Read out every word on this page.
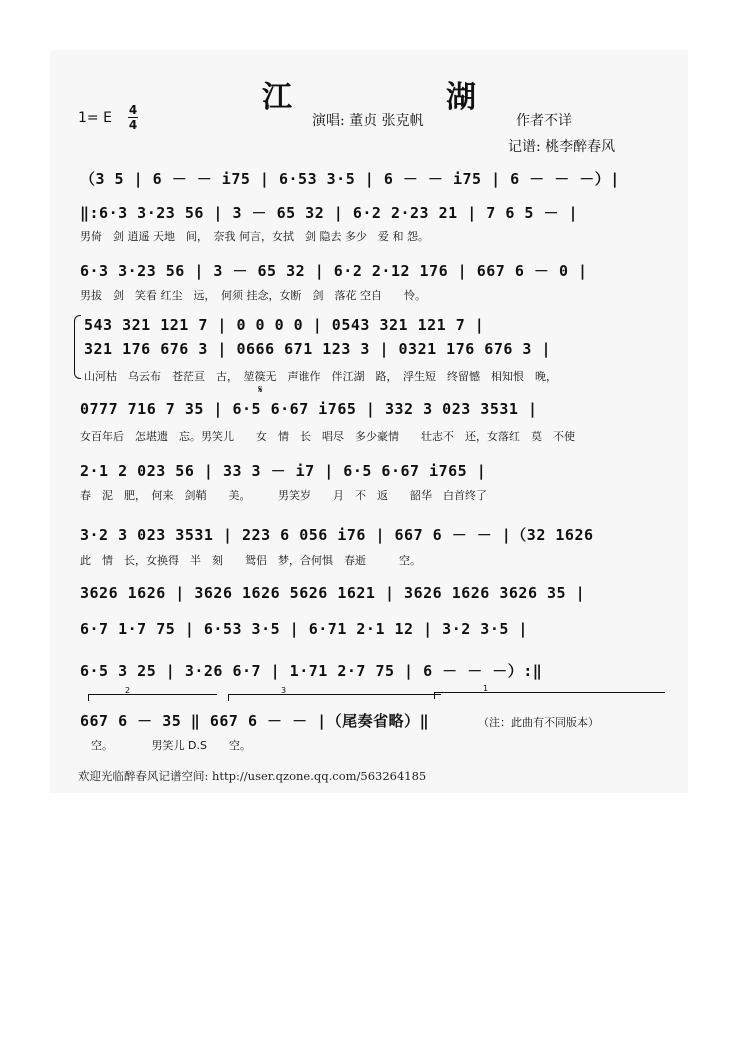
江　湖
1= E 4
4	演唱: 董贞 张克帆	作者不详
记谱: 桃李醉春风
𝄋
（3 5 | 6 － － i75 | 6·53 3·5 | 6 － － i75 | 6 － － －）|
‖:6·3 3·23 56 | 3 － 65 32 | 6·2 2·23 21 | 7 6 5 － |
男倚　剑 逍遥 天地　间，　奈我 何言，女拭　剑 隐去 多少　爱 和 怨。
6·3 3·23 56 | 3 － 65 32 | 6·2 2·12 176 | 667 6 － 0 |
男拔　剑　笑看 红尘　远，　何须 挂念，女断　剑　落花 空自　　怜。
543 321 121 7 | 0 0 0 0 | 0543 321 121 7 |
321 176 676 3 | 0666 671 123 3 | 0321 176 676 3 |
山河枯　乌云布　苍茫亘　古，　堃篌无　声谁作　伴江湖　路，　浮生短　终留憾　相知恨　晚，
0777 716 7 35 | 6·5 6·67 i765 | 332 3 023 3531 |
女百年后　怎堪遗　忘。男笑儿　　女　情　长　唱尽　多少豪情　　壮志不　还，女落红　莫　不使
2·1 2 023 56 | 33 3 － i7 | 6·5 6·67 i765 |
春　泥　肥，　何来　剑鞘　　美。　　　男笑岁　　月　不　返　　韶华　白首终了
1
3·2 3 023 3531 | 223 6 056 i76 | 667 6 － － |（32 1626
此　情　长，女换得　半　刻　　鸳侣　梦，合何惧　春逝　　　空。
3626 1626 | 3626 1626 5626 1621 | 3626 1626 3626 35 |
6·7 1·7 75 | 6·53 3·5 | 6·71 2·1 12 | 3·2 3·5 |
6·5 3 25 | 3·26 6·7 | 1·71 2·7 75 | 6 － － －）:‖
2	3
667 6 － 35 ‖ 667 6 － － |（尾奏省略）‖
　空。　　　　男笑儿 D.S　　空。
（注：此曲有不同版本）
欢迎光临醉春风记谱空间: http://user.qzone.qq.com/563264185
